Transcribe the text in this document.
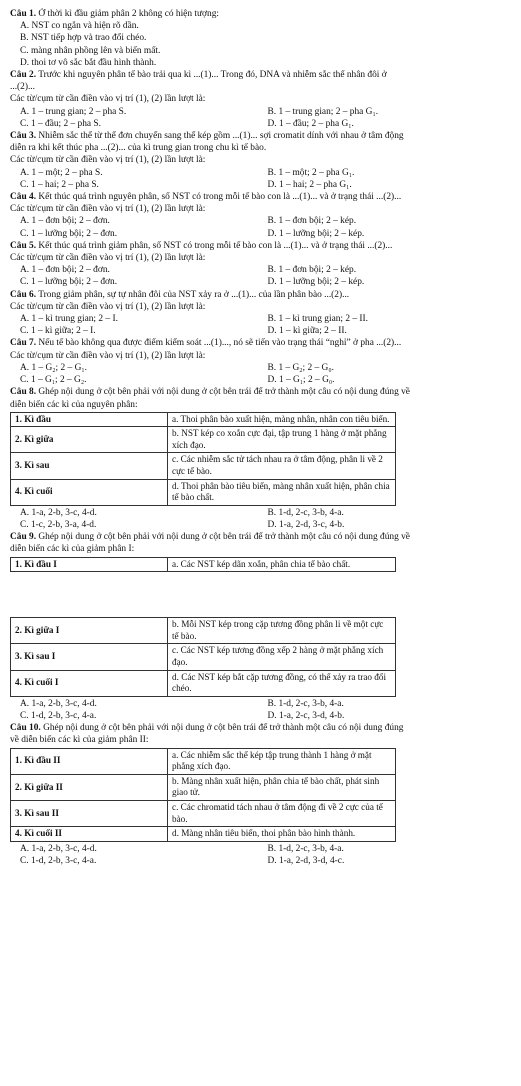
Câu 1. Ở thời kì đầu giảm phân 2 không có hiện tượng:
A. NST co ngắn và hiện rõ dần.
B. NST tiếp hợp và trao đổi chéo.
C. màng nhân phồng lên và biến mất.
D. thoi tơ vô sắc bắt đầu hình thành.
Câu 2. Trước khi nguyên phân tế bào trải qua kì ...(1)... Trong đó, DNA và nhiễm sắc thể nhân đôi ở
...(2)...
Các từ/cụm từ cần điền vào vị trí (1), (2) lần lượt là:
A. 1 – trung gian; 2 – pha S.	B. 1 – trung gian; 2 – pha G₁.
C. 1 – đầu; 2 – pha S.	D. 1 – đầu; 2 – pha G₁.
Câu 3. Nhiễm sắc thể từ thể đơn chuyển sang thể kép gồm ...(1)... sợi cromatit dính với nhau ở tâm động
diễn ra khi kết thúc pha ...(2)... của kì trung gian trong chu kì tế bào.
Các từ/cụm từ cần điền vào vị trí (1), (2) lần lượt là:
A. 1 – một; 2 – pha S.	B. 1 – một; 2 – pha G₁.
C. 1 – hai; 2 – pha S.	D. 1 – hai; 2 – pha G₁.
Câu 4. Kết thúc quá trình nguyên phân, số NST có trong mỗi tế bào con là ...(1)... và ở trạng thái ...(2)...
Các từ/cụm từ cần điền vào vị trí (1), (2) lần lượt là:
A. 1 – đơn bội; 2 – đơn.	B. 1 – đơn bội; 2 – kép.
C. 1 – lưỡng bội; 2 – đơn.	D. 1 – lưỡng bội; 2 – kép.
Câu 5. Kết thúc quá trình giảm phân, số NST có trong mỗi tế bào con là ...(1)... và ở trạng thái ...(2)...
Các từ/cụm từ cần điền vào vị trí (1), (2) lần lượt là:
A. 1 – đơn bội; 2 – đơn.	B. 1 – đơn bội; 2 – kép.
C. 1 – lưỡng bội; 2 – đơn.	D. 1 – lưỡng bội; 2 – kép.
Câu 6. Trong giảm phân, sự tự nhân đôi của NST xảy ra ở ...(1)... của lần phân bào ...(2)...
Các từ/cụm từ cần điền vào vị trí (1), (2) lần lượt là:
A. 1 – kì trung gian; 2 – I.	B. 1 – kì trung gian; 2 – II.
C. 1 – kì giữa; 2 – I.	D. 1 – kì giữa; 2 – II.
Câu 7. Nếu tế bào không qua được điểm kiểm soát ...(1)..., nó sẽ tiến vào trạng thái “nghỉ” ở pha ...(2)...
Các từ/cụm từ cần điền vào vị trí (1), (2) lần lượt là:
A. 1 – G₂; 2 – G₁.	B. 1 – G₂; 2 – G₀.
C. 1 – G₁; 2 – G₂.	D. 1 – G₁; 2 – G₀.
Câu 8. Ghép nội dung ở cột bên phải với nội dung ở cột bên trái để trở thành một câu có nội dung đúng về
diễn biến các kì của nguyên phân:
1. Kì đầu	a. Thoi phân bào xuất hiện, màng nhân, nhân con tiêu biến.
2. Kì giữa	b. NST kép co xoắn cực đại, tập trung 1 hàng ở mặt phẳng xích đạo.
3. Kì sau	c. Các nhiễm sắc tử tách nhau ra ở tâm động, phân li về 2 cực tế bào.
4. Kì cuối	d. Thoi phân bào tiêu biến, màng nhân xuất hiện, phân chia tế bào chất.
A. 1-a, 2-b, 3-c, 4-d.	B. 1-d, 2-c, 3-b, 4-a.
C. 1-c, 2-b, 3-a, 4-d.	D. 1-a, 2-d, 3-c, 4-b.
Câu 9. Ghép nội dung ở cột bên phải với nội dung ở cột bên trái để trở thành một câu có nội dung đúng về
diễn biến các kì của giảm phân I:
1. Kì đầu I	a. Các NST kép dãn xoắn, phân chia tế bào chất.
2. Kì giữa I	b. Mỗi NST kép trong cặp tương đồng phân li về một cực tế bào.
3. Kì sau I	c. Các NST kép tương đồng xếp 2 hàng ở mặt phẳng xích đạo.
4. Kì cuối I	d. Các NST kép bắt cặp tương đồng, có thể xảy ra trao đổi chéo.
A. 1-a, 2-b, 3-c, 4-d.	B. 1-d, 2-c, 3-b, 4-a.
C. 1-d, 2-b, 3-c, 4-a.	D. 1-a, 2-c, 3-d, 4-b.
Câu 10. Ghép nội dung ở cột bên phải với nội dung ở cột bên trái để trở thành một câu có nội dung đúng
về diễn biến các kì của giảm phân II:
1. Kì đầu II	a. Các nhiễm sắc thể kép tập trung thành 1 hàng ở mặt phẳng xích đạo.
2. Kì giữa II	b. Màng nhân xuất hiện, phân chia tế bào chất, phát sinh giao tử.
3. Kì sau II	c. Các chromatid tách nhau ở tâm động đi về 2 cực của tế bào.
4. Kì cuối II	d. Màng nhân tiêu biến, thoi phân bào hình thành.
A. 1-a, 2-b, 3-c, 4-d.	B. 1-d, 2-c, 3-b, 4-a.
C. 1-d, 2-b, 3-c, 4-a.	D. 1-a, 2-d, 3-d, 4-c.
